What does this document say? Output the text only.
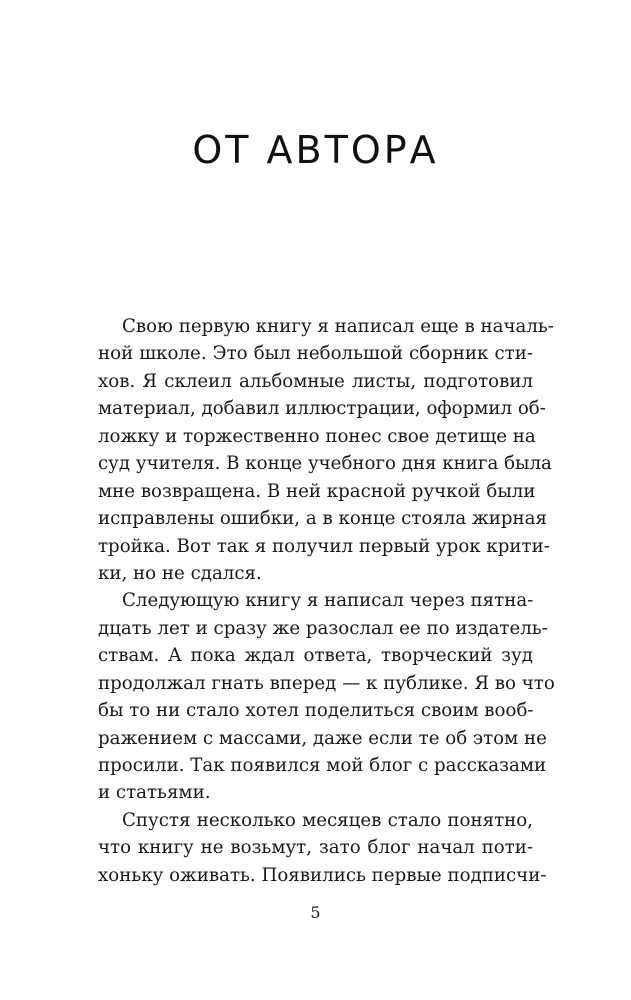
ОТ АВТОРА
Свою первую книгу я написал еще в началь-
ной школе. Это был небольшой сборник сти-
хов. Я склеил альбомные листы, подготовил
материал, добавил иллюстрации, оформил об-
ложку и торжественно понес свое детище на
суд учителя. В конце учебного дня книга была
мне возвращена. В ней красной ручкой были
исправлены ошибки, а в конце стояла жирная
тройка. Вот так я получил первый урок крити-
ки, но не сдался.
Следующую книгу я написал через пятна-
дцать лет и сразу же разослал ее по издатель-
ствам. А пока ждал ответа, творческий зуд
продолжал гнать вперед — к публике. Я во что
бы то ни стало хотел поделиться своим вооб-
ражением с массами, даже если те об этом не
просили. Так появился мой блог с рассказами
и статьями.
Спустя несколько месяцев стало понятно,
что книгу не возьмут, зато блог начал поти-
хоньку оживать. Появились первые подписчи-
5
